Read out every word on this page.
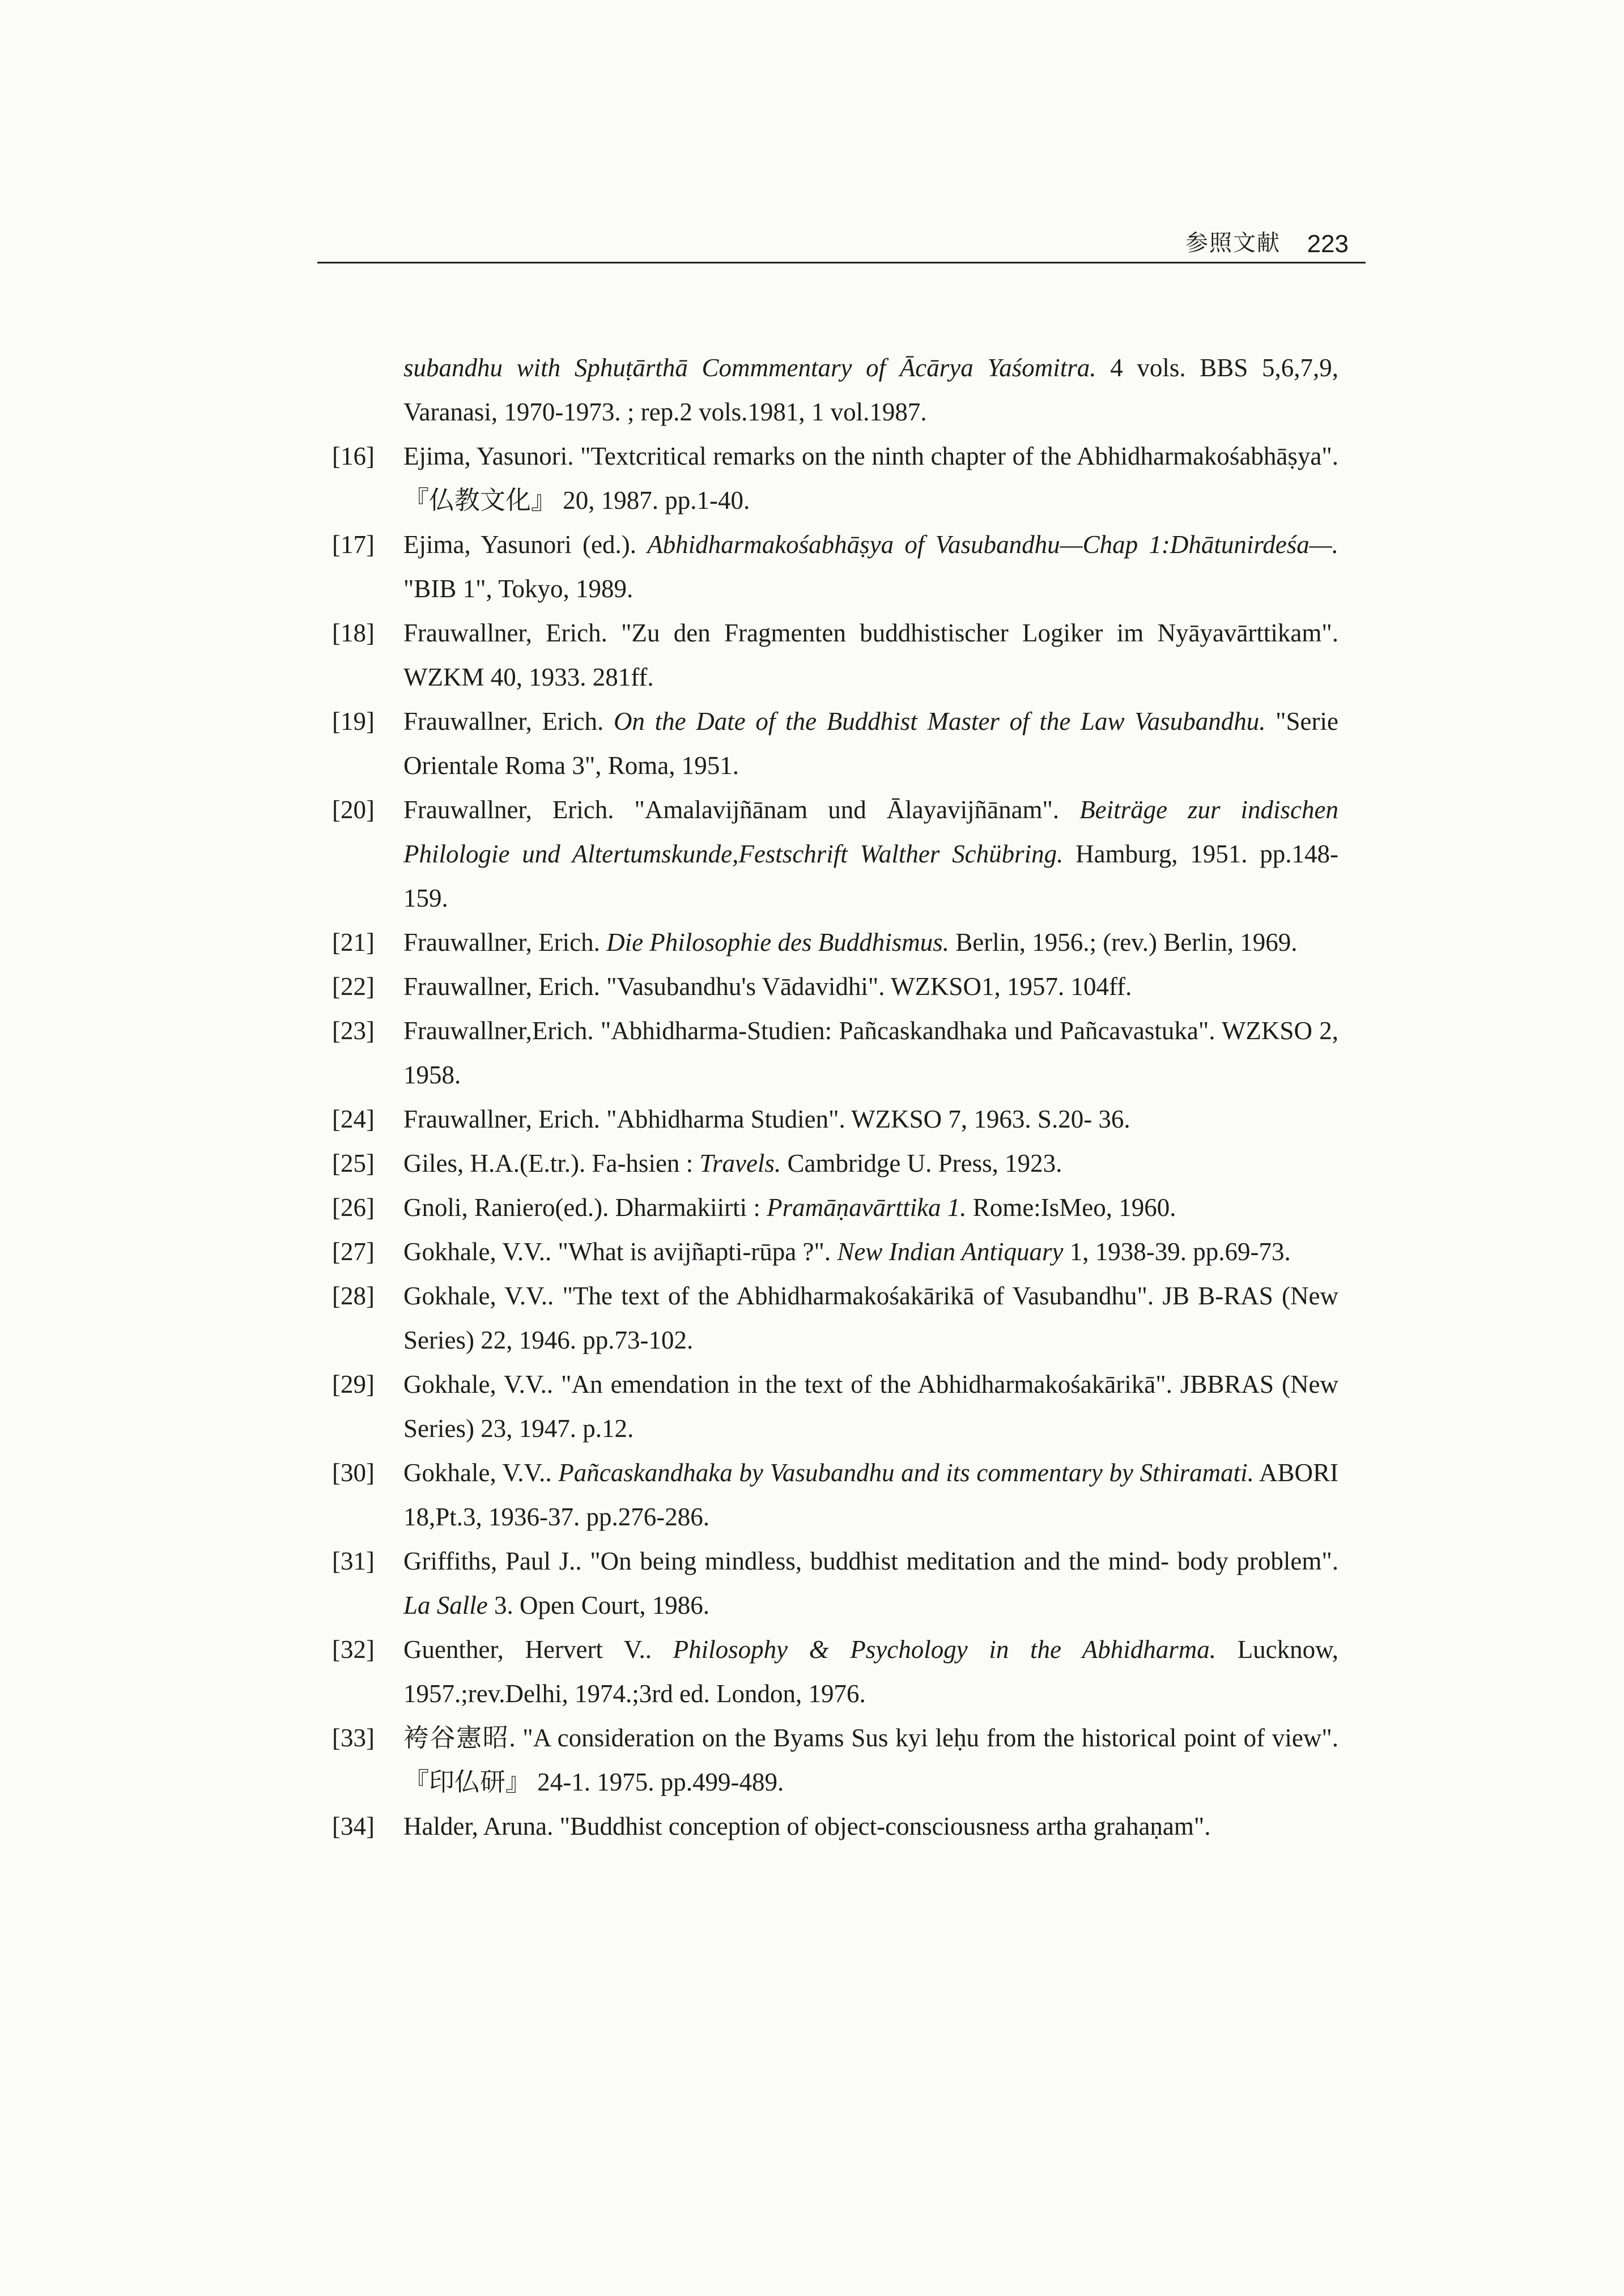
参照文献 223
subandhu with Sphuṭārthā Commmentary of Ācārya Yaśomitra. 4 vols. BBS 5,6,7,9, Varanasi, 1970-1973. ; rep.2 vols.1981, 1 vol.1987.
[16] Ejima, Yasunori. "Textcritical remarks on the ninth chapter of the Abhidharmakośabhāṣya". 『仏教文化』 20, 1987. pp.1-40.
[17] Ejima, Yasunori (ed.). Abhidharmakośabhāṣya of Vasubandhu—Chap 1:Dhātunirdeśa—. "BIB 1", Tokyo, 1989.
[18] Frauwallner, Erich. "Zu den Fragmenten buddhistischer Logiker im Nyāyavārttikam". WZKM 40, 1933. 281ff.
[19] Frauwallner, Erich. On the Date of the Buddhist Master of the Law Vasubandhu. "Serie Orientale Roma 3", Roma, 1951.
[20] Frauwallner, Erich. "Amalavijñānam und Ālayavijñānam". Beiträge zur indischen Philologie und Altertumskunde,Festschrift Walther Schübring. Hamburg, 1951. pp.148-159.
[21] Frauwallner, Erich. Die Philosophie des Buddhismus. Berlin, 1956.; (rev.) Berlin, 1969.
[22] Frauwallner, Erich. "Vasubandhu's Vādavidhi". WZKSO1, 1957. 104ff.
[23] Frauwallner,Erich. "Abhidharma-Studien: Pañcaskandhaka und Pañcavastuka". WZKSO 2, 1958.
[24] Frauwallner, Erich. "Abhidharma Studien". WZKSO 7, 1963. S.20- 36.
[25] Giles, H.A.(E.tr.). Fa-hsien : Travels. Cambridge U. Press, 1923.
[26] Gnoli, Raniero(ed.). Dharmakiirti : Pramāṇavārttika 1. Rome:IsMeo, 1960.
[27] Gokhale, V.V.. "What is avijñapti-rūpa ?". New Indian Antiquary 1, 1938-39. pp.69-73.
[28] Gokhale, V.V.. "The text of the Abhidharmakośakārikā of Vasubandhu". JB B-RAS (New Series) 22, 1946. pp.73-102.
[29] Gokhale, V.V.. "An emendation in the text of the Abhidharmakośakārikā". JBBRAS (New Series) 23, 1947. p.12.
[30] Gokhale, V.V.. Pañcaskandhaka by Vasubandhu and its commentary by Sthiramati. ABORI 18,Pt.3, 1936-37. pp.276-286.
[31] Griffiths, Paul J.. "On being mindless, buddhist meditation and the mind- body problem". La Salle 3. Open Court, 1986.
[32] Guenther, Hervert V.. Philosophy & Psychology in the Abhidharma. Lucknow, 1957.;rev.Delhi, 1974.;3rd ed. London, 1976.
[33] 袴谷憲昭. "A consideration on the Byams Sus kyi leḥu from the historical point of view". 『印仏研』 24-1. 1975. pp.499-489.
[34] Halder, Aruna. "Buddhist conception of object-consciousness artha grahaṇam".
